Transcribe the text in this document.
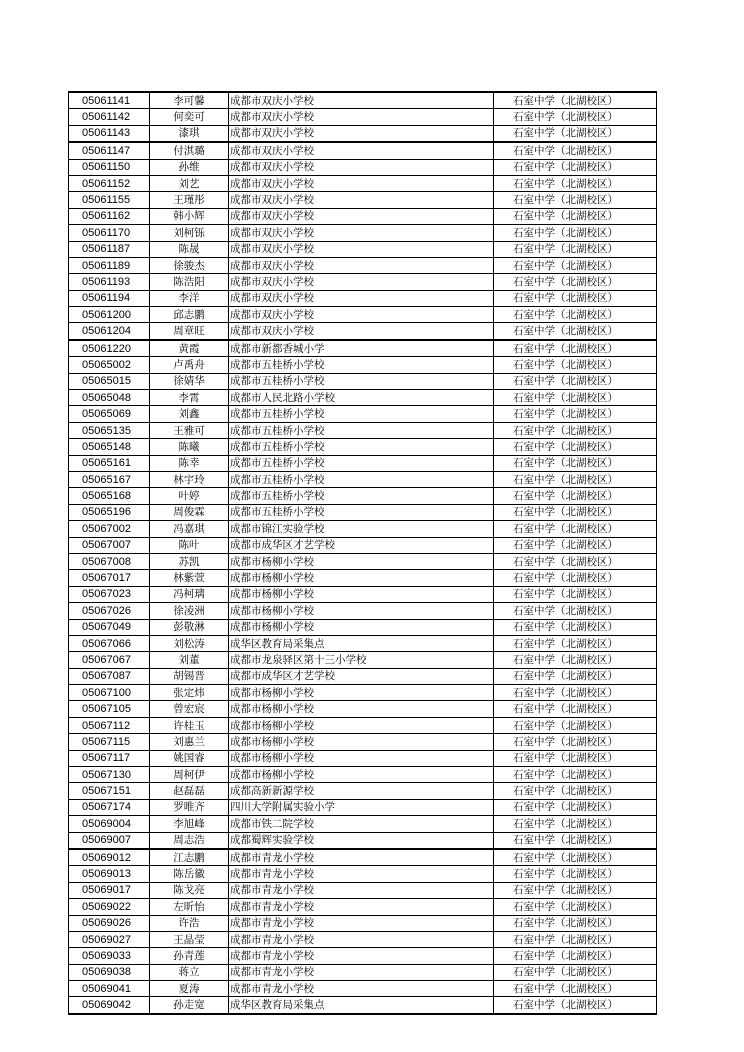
05061141	李可馨	成都市双庆小学校	石室中学（北湖校区）
05061142	何奕可	成都市双庆小学校	石室中学（北湖校区）
05061143	漆琪	成都市双庆小学校	石室中学（北湖校区）
05061147	付淇璐	成都市双庆小学校	石室中学（北湖校区）
05061150	孙维	成都市双庆小学校	石室中学（北湖校区）
05061152	刘艺	成都市双庆小学校	石室中学（北湖校区）
05061155	王瑾彤	成都市双庆小学校	石室中学（北湖校区）
05061162	韩小辉	成都市双庆小学校	石室中学（北湖校区）
05061170	刘柯铄	成都市双庆小学校	石室中学（北湖校区）
05061187	陈晟	成都市双庆小学校	石室中学（北湖校区）
05061189	徐骏杰	成都市双庆小学校	石室中学（北湖校区）
05061193	陈浩阳	成都市双庆小学校	石室中学（北湖校区）
05061194	李洋	成都市双庆小学校	石室中学（北湖校区）
05061200	邱志鹏	成都市双庆小学校	石室中学（北湖校区）
05061204	周章旺	成都市双庆小学校	石室中学（北湖校区）
05061220	黄霞	成都市新都香城小学	石室中学（北湖校区）
05065002	卢禹舟	成都市五桂桥小学校	石室中学（北湖校区）
05065015	徐婧华	成都市五桂桥小学校	石室中学（北湖校区）
05065048	李霄	成都市人民北路小学校	石室中学（北湖校区）
05065069	刘鑫	成都市五桂桥小学校	石室中学（北湖校区）
05065135	王雅可	成都市五桂桥小学校	石室中学（北湖校区）
05065148	陈曦	成都市五桂桥小学校	石室中学（北湖校区）
05065161	陈幸	成都市五桂桥小学校	石室中学（北湖校区）
05065167	林宇玲	成都市五桂桥小学校	石室中学（北湖校区）
05065168	叶婷	成都市五桂桥小学校	石室中学（北湖校区）
05065196	周俊霖	成都市五桂桥小学校	石室中学（北湖校区）
05067002	冯嘉琪	成都市锦江实验学校	石室中学（北湖校区）
05067007	陈叶	成都市成华区才艺学校	石室中学（北湖校区）
05067008	苏凯	成都市杨柳小学校	石室中学（北湖校区）
05067017	林紫萱	成都市杨柳小学校	石室中学（北湖校区）
05067023	冯柯璃	成都市杨柳小学校	石室中学（北湖校区）
05067026	徐凌洲	成都市杨柳小学校	石室中学（北湖校区）
05067049	彭敬淋	成都市杨柳小学校	石室中学（北湖校区）
05067066	刘松涛	成华区教育局采集点	石室中学（北湖校区）
05067067	刘董	成都市龙泉驿区第十三小学校	石室中学（北湖校区）
05067087	胡锡晋	成都市成华区才艺学校	石室中学（北湖校区）
05067100	张定炜	成都市杨柳小学校	石室中学（北湖校区）
05067105	曾宏宸	成都市杨柳小学校	石室中学（北湖校区）
05067112	许桂玉	成都市杨柳小学校	石室中学（北湖校区）
05067115	刘惠兰	成都市杨柳小学校	石室中学（北湖校区）
05067117	姚国睿	成都市杨柳小学校	石室中学（北湖校区）
05067130	周柯伊	成都市杨柳小学校	石室中学（北湖校区）
05067151	赵磊磊	成都高新新源学校	石室中学（北湖校区）
05067174	罗唯齐	四川大学附属实验小学	石室中学（北湖校区）
05069004	李旭峰	成都市铁二院学校	石室中学（北湖校区）
05069007	周志浩	成都蜀辉实验学校	石室中学（北湖校区）
05069012	江志鹏	成都市青龙小学校	石室中学（北湖校区）
05069013	陈岳徽	成都市青龙小学校	石室中学（北湖校区）
05069017	陈戈亮	成都市青龙小学校	石室中学（北湖校区）
05069022	左昕怡	成都市青龙小学校	石室中学（北湖校区）
05069026	许浩	成都市青龙小学校	石室中学（北湖校区）
05069027	王晶莹	成都市青龙小学校	石室中学（北湖校区）
05069033	孙青莲	成都市青龙小学校	石室中学（北湖校区）
05069038	蒋立	成都市青龙小学校	石室中学（北湖校区）
05069041	夏涛	成都市青龙小学校	石室中学（北湖校区）
05069042	孙走宽	成华区教育局采集点	石室中学（北湖校区）
